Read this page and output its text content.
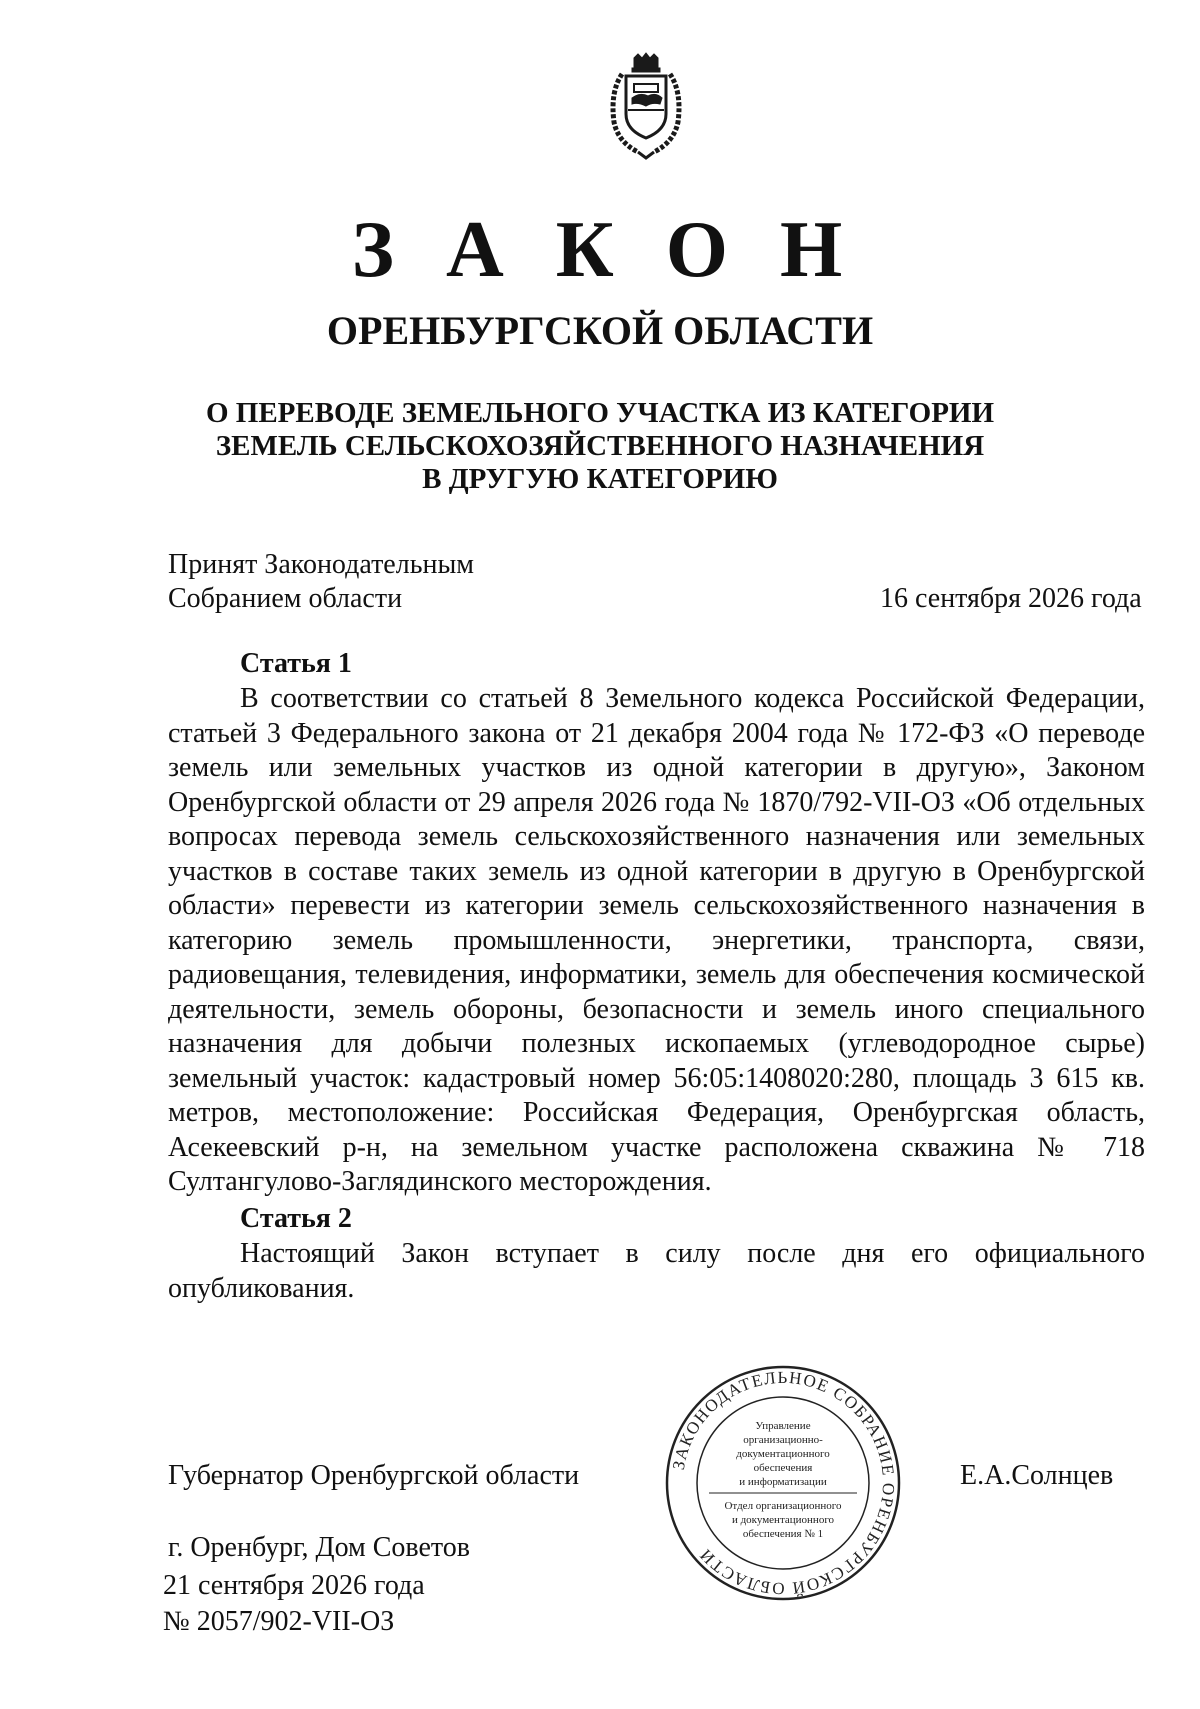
З А К О Н
ОРЕНБУРГСКОЙ ОБЛАСТИ
О ПЕРЕВОДЕ ЗЕМЕЛЬНОГО УЧАСТКА ИЗ КАТЕГОРИИ
ЗЕМЕЛЬ СЕЛЬСКОХОЗЯЙСТВЕННОГО НАЗНАЧЕНИЯ
В ДРУГУЮ КАТЕГОРИЮ
Принят Законодательным
Собранием области	16 сентября 2026 года
Статья 1
В соответствии со статьей 8 Земельного кодекса Российской Федерации, статьей 3 Федерального закона от 21 декабря 2004 года № 172-ФЗ «О переводе земель или земельных участков из одной категории в другую», Законом Оренбургской области от 29 апреля 2026 года № 1870/792-VII-ОЗ «Об отдельных вопросах перевода земель сельскохозяйственного назначения или земельных участков в составе таких земель из одной категории в другую в Оренбургской области» перевести из категории земель сельскохозяйственного назначения в категорию земель промышленности, энергетики, транспорта, связи, радиовещания, телевидения, информатики, земель для обеспечения космической деятельности, земель обороны, безопасности и земель иного специального назначения для добычи полезных ископаемых (углеводородное сырье) земельный участок: кадастровый номер 56:05:1408020:280, площадь 3 615 кв. метров, местоположение: Российская Федерация, Оренбургская область, Асекеевский р-н, на земельном участке расположена скважина № 718 Султангулово-Заглядинского месторождения.
Статья 2
Настоящий Закон вступает в силу после дня его официального опубликования.
ЗАКОНОДАТЕЛЬНОЕ СОБРАНИЕ ОРЕНБУРГСКОЙ ОБЛАСТИ
Управление
организационно-
документационного
обеспечения
и информатизации
Отдел организационного
и документационного
обеспечения № 1
Губернатор Оренбургской области	Е.А.Солнцев
г. Оренбург, Дом Советов
21 сентября 2026 года
№ 2057/902-VII-ОЗ
